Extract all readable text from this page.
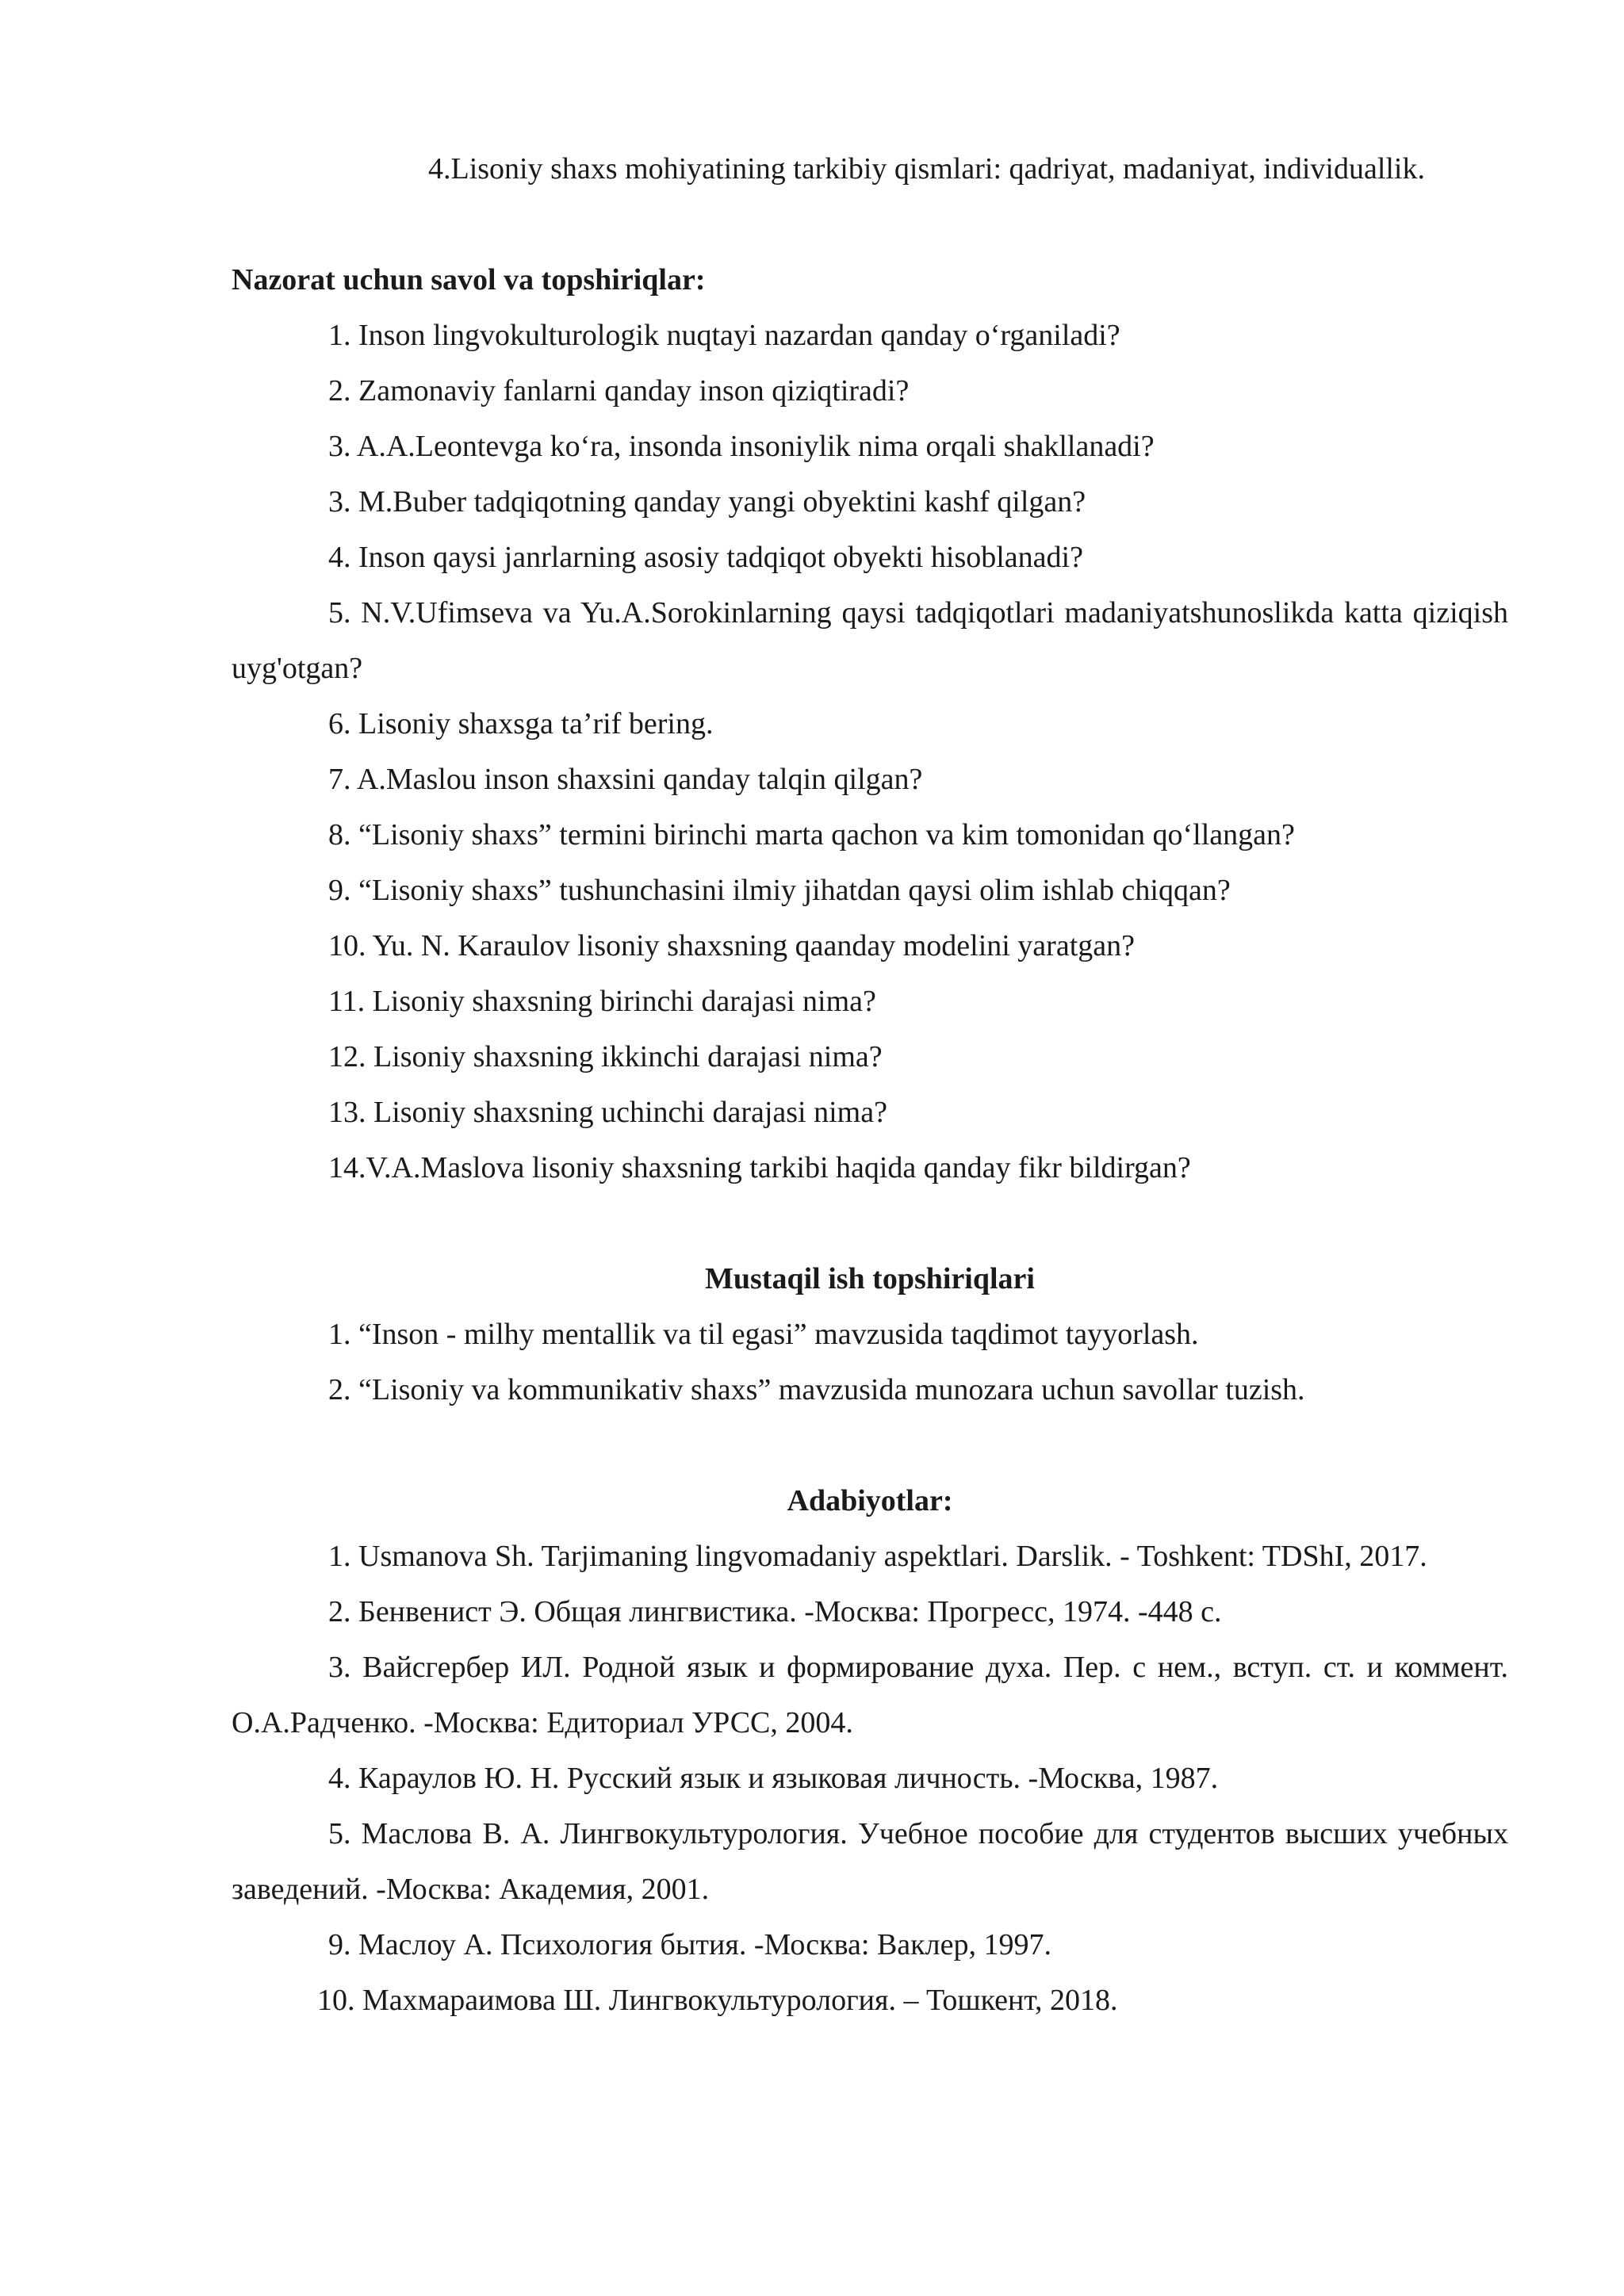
4.Lisoniy shaxs mohiyatining tarkibiy qismlari: qadriyat, madaniyat, individuallik.
Nazorat uchun savol va topshiriqlar:
1. Inson lingvokulturologik nuqtayi nazardan qanday o‘rganiladi?
2. Zamonaviy fanlarni qanday inson qiziqtiradi?
3. A.A.Leontevga ko‘ra, insonda insoniylik nima orqali shakllanadi?
3. M.Buber tadqiqotning qanday yangi obyektini kashf qilgan?
4. Inson qaysi janrlarning asosiy tadqiqot obyekti hisoblanadi?
5. N.V.Ufimseva va Yu.A.Sorokinlarning qaysi tadqiqotlari madaniyatshunoslikda katta qiziqish uyg'otgan?
6. Lisoniy shaxsga ta’rif bering.
7. A.Maslou inson shaxsini qanday talqin qilgan?
8. “Lisoniy shaxs” termini birinchi marta qachon va kim tomonidan qo‘llangan?
9. “Lisoniy shaxs” tushunchasini ilmiy jihatdan qaysi olim ishlab chiqqan?
10. Yu. N. Karaulov lisoniy shaxsning qaanday modelini yaratgan?
11. Lisoniy shaxsning birinchi darajasi nima?
12. Lisoniy shaxsning ikkinchi darajasi nima?
13. Lisoniy shaxsning uchinchi darajasi nima?
14.V.A.Maslova lisoniy shaxsning tarkibi haqida qanday fikr bildirgan?
Mustaqil ish topshiriqlari
1. “Inson - milhy mentallik va til egasi” mavzusida taqdimot tayyorlash.
2. “Lisoniy va kommunikativ shaxs” mavzusida munozara uchun savollar tuzish.
Adabiyotlar:
1. Usmanova Sh. Tarjimaning lingvomadaniy aspektlari. Darslik. - Toshkent: TDShI, 2017.
2. Бенвенист Э. Общая лингвистика. -Москва: Прогресс, 1974. -448 с.
3. Вайсгербер ИЛ. Родной язык и формирование духа. Пер. с нем., вступ. ст. и коммент. О.А.Радченко. -Москва: Едиториал УРСС, 2004.
4. Караулов Ю. Н. Русский язык и языковая личность. -Москва, 1987.
5. Маслова В. А. Лингвокультурология. Учебное пособие для студентов высших учебных заведений. -Москва: Академия, 2001.
9. Маслоу А. Психология бытия. -Москва: Ваклер, 1997.
10. Махмараимова Ш. Лингвокультурология. – Тошкент, 2018.
